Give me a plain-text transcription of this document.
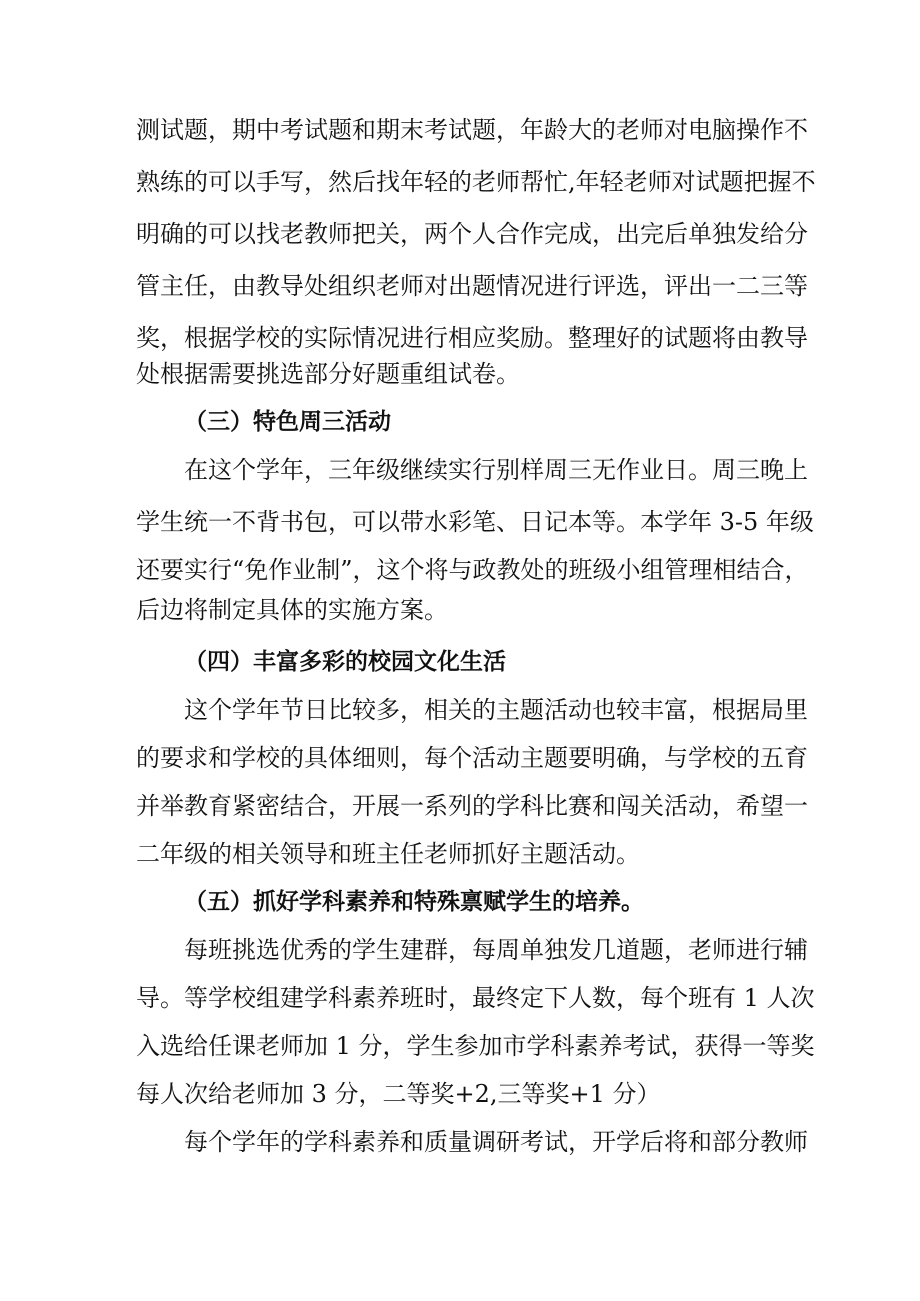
测试题，期中考试题和期末考试题，年龄大的老师对电脑操作不
熟练的可以手写，然后找年轻的老师帮忙,年轻老师对试题把握不
明确的可以找老教师把关，两个人合作完成，出完后单独发给分
管主任，由教导处组织老师对出题情况进行评选，评出一二三等
奖，根据学校的实际情况进行相应奖励。整理好的试题将由教导
处根据需要挑选部分好题重组试卷。
（三）特色周三活动
在这个学年，三年级继续实行别样周三无作业日。周三晚上
学生统一不背书包，可以带水彩笔、日记本等。本学年 3-5 年级
还要实行“免作业制”，这个将与政教处的班级小组管理相结合，
后边将制定具体的实施方案。
（四）丰富多彩的校园文化生活
这个学年节日比较多，相关的主题活动也较丰富，根据局里
的要求和学校的具体细则，每个活动主题要明确，与学校的五育
并举教育紧密结合，开展一系列的学科比赛和闯关活动，希望一
二年级的相关领导和班主任老师抓好主题活动。
（五）抓好学科素养和特殊禀赋学生的培养。
每班挑选优秀的学生建群，每周单独发几道题，老师进行辅
导。等学校组建学科素养班时，最终定下人数，每个班有 1 人次
入选给任课老师加 1 分，学生参加市学科素养考试，获得一等奖
每人次给老师加 3 分，二等奖+2,三等奖+1 分）
每个学年的学科素养和质量调研考试，开学后将和部分教师
